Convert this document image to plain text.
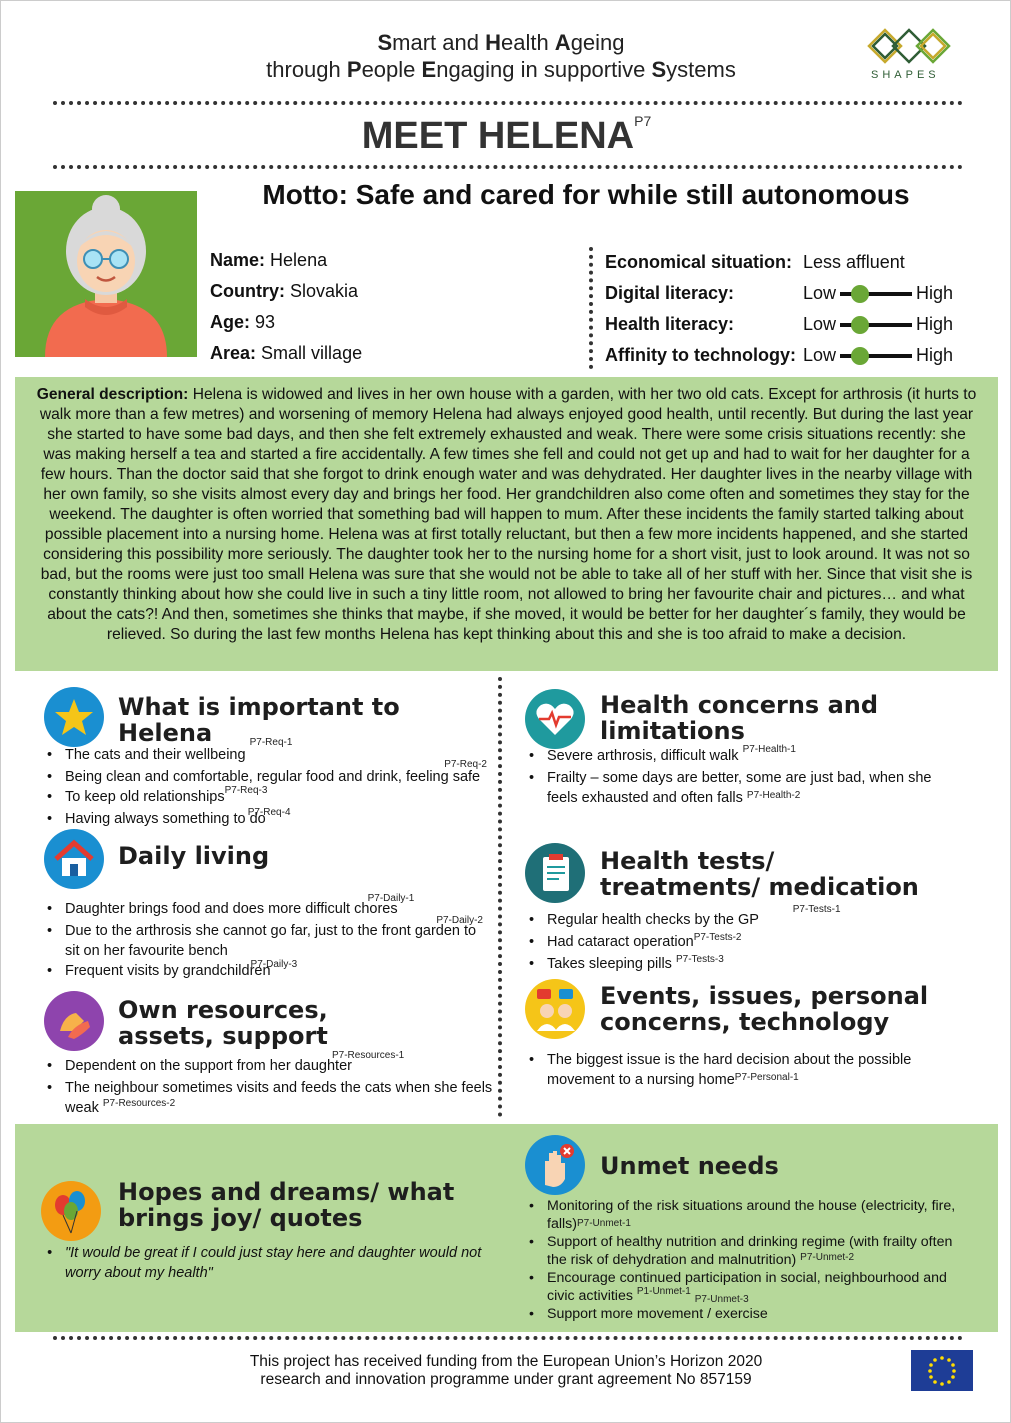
Smart and Health Ageing
through People Engaging in supportive Systems	SHAPES
MEET $HELENA^{P7}$
Motto: Safe and cared for while still autonomous
Name: Helena
Country: Slovakia
Age: 93
Area: Small village
Economical situation: Less affluent
Digital literacy:	Low	High
Health literacy:	Low	High
Affinity to technology: Low	High
General description: Helena is widowed and lives in her own house with a garden, with her two old cats. Except for arthrosis (it hurts to walk more than a few metres) and worsening of memory Helena had always enjoyed good health, until recently. But during the last year she started to have some bad days, and then she felt extremely exhausted and weak. There were some crisis situations recently: she was making herself a tea and started a fire accidentally. A few times she fell and could not get up and had to wait for her daughter for a few hours. Than the doctor said that she forgot to drink enough water and was dehydrated. Her daughter lives in the nearby village with her own family, so she visits almost every day and brings her food. Her grandchildren also come often and sometimes they stay for the weekend. The daughter is often worried that something bad will happen to mum. After these incidents the family started talking about possible placement into a nursing home. Helena was at first totally reluctant, but then a few more incidents happened, and she started considering this possibility more seriously. The daughter took her to the nursing home for a short visit, just to look around. It was not so bad, but the rooms were just too small Helena was sure that she would not be able to take all of her stuff with her. Since that visit she is constantly thinking about how she could live in such a tiny little room, not allowed to bring her favourite chair and pictures… and what about the cats?! And then, sometimes she thinks that maybe, if she moved, it would be better for her daughter´s family, they would be relieved. So during the last few months Helena has kept thinking about this and she is too afraid to make a decision.
What is important to Helena
• The cats and their wellbeing $^{P7-Req-1}$
• Being clean and comfortable, regular food and drink, feeling safe
P7-Req-2
• To keep old relationships$^{P7-Req-3}$
• Having always something to do$^{P7-Req-4}$
Daily living
• Daughter brings food and does more difficult chores$^{P7-Daily-1}$
• Due to the arthrosis she cannot go far, just to the front garden to sit on her favourite bench
P7-Daily-2
• Frequent visits by grandchildren$^{P7-Daily-3}$
Own resources, assets, support
• Dependent on the support from her daughter$^{P7-Resources-1}$
• The neighbour sometimes visits and feeds the cats when she feels weak $^{P7-Resources-2}$
Health concerns and limitations
• Severe arthrosis, difficult walk $^{P7-Health-1}$
• Frailty – some days are better, some are just bad, when she feels exhausted and often falls $^{P7-Health-2}$
Health tests/ treatments/ medication
• Regular health checks by the GP $^{P7-Tests-1}$
• Had cataract operation$^{P7-Tests-2}$
• Takes sleeping pills $^{P7-Tests-3}$
Events, issues, personal concerns, technology
• The biggest issue is the hard decision about the possible movement to a nursing home$^{P7-Personal-1}$
Hopes and dreams/ what brings joy/ quotes
• "It would be great if I could just stay here and daughter would not worry about my health"
Unmet needs
• Monitoring of the risk situations around the house (electricity, fire, falls)P7-Unmet-1
• Support of healthy nutrition and drinking regime (with frailty often the risk of dehydration and malnutrition) $^{P7-Unmet-2}$
• Encourage continued participation in social, neighbourhood and civic activities $^{P1-Unmet-1}$ P7-Unmet-3
• Support more movement / exercise
This project has received funding from the European Union’s Horizon 2020
research and innovation programme under grant agreement No 857159
